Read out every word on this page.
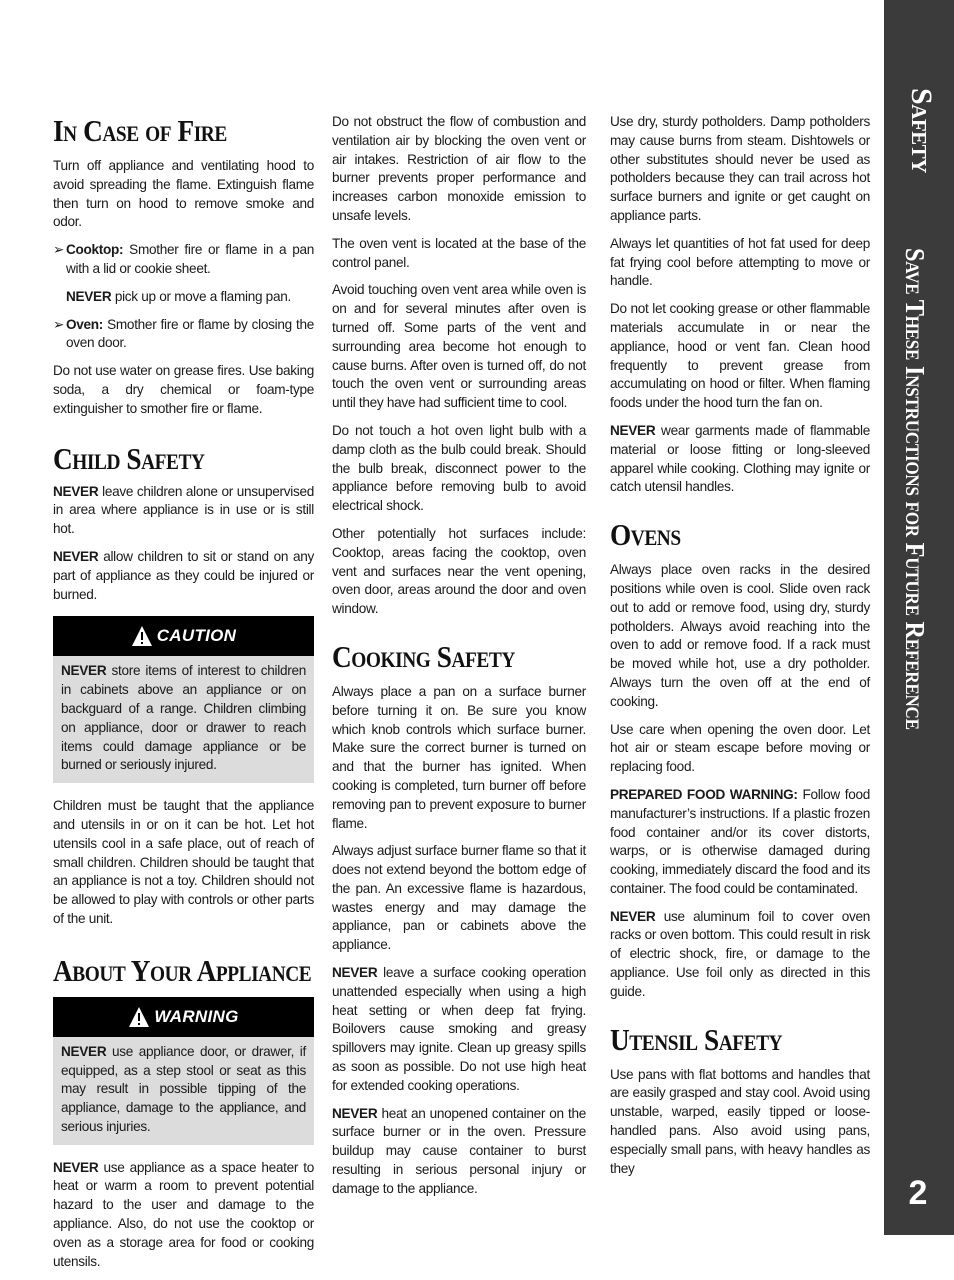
In Case of Fire

Turn off appliance and ventilating hood to avoid spreading the flame. Extinguish flame then turn on hood to remove smoke and odor.

➢ Cooktop: Smother fire or flame in a pan with a lid or cookie sheet.

NEVER pick up or move a flaming pan.

➢ Oven: Smother fire or flame by closing the oven door.

Do not use water on grease fires. Use baking soda, a dry chemical or foam-type extinguisher to smother fire or flame.

Child Safety

NEVER leave children alone or unsupervised in area where appliance is in use or is still hot.

NEVER allow children to sit or stand on any part of appliance as they could be injured or burned.

CAUTION

NEVER store items of interest to children in cabinets above an appliance or on backguard of a range. Children climbing on appliance, door or drawer to reach items could damage appliance or be burned or seriously injured.

Children must be taught that the appliance and utensils in or on it can be hot. Let hot utensils cool in a safe place, out of reach of small children. Children should be taught that an appliance is not a toy. Children should not be allowed to play with controls or other parts of the unit.

About Your Appliance
WARNING

NEVER use appliance door, or drawer, if equipped, as a step stool or seat as this may result in possible tipping of the appliance, damage to the appliance, and serious injuries.

NEVER use appliance as a space heater to heat or warm a room to prevent potential hazard to the user and damage to the appliance. Also, do not use the cooktop or oven as a storage area for food or cooking utensils.

Do not obstruct the flow of combustion and ventilation air by blocking the oven vent or air intakes. Restriction of air flow to the burner prevents proper performance and increases carbon monoxide emission to unsafe levels.

The oven vent is located at the base of the control panel.

Avoid touching oven vent area while oven is on and for several minutes after oven is turned off. Some parts of the vent and surrounding area become hot enough to cause burns. After oven is turned off, do not touch the oven vent or surrounding areas until they have had sufficient time to cool.

Do not touch a hot oven light bulb with a damp cloth as the bulb could break. Should the bulb break, disconnect power to the appliance before removing bulb to avoid electrical shock.

Other potentially hot surfaces include: Cooktop, areas facing the cooktop, oven vent and surfaces near the vent opening, oven door, areas around the door and oven window.

Cooking Safety

Always place a pan on a surface burner before turning it on. Be sure you know which knob controls which surface burner. Make sure the correct burner is turned on and that the burner has ignited. When cooking is completed, turn burner off before removing pan to prevent exposure to burner flame.

Always adjust surface burner flame so that it does not extend beyond the bottom edge of the pan. An excessive flame is hazardous, wastes energy and may damage the appliance, pan or cabinets above the appliance.

NEVER leave a surface cooking operation unattended especially when using a high heat setting or when deep fat frying. Boilovers cause smoking and greasy spillovers may ignite. Clean up greasy spills as soon as possible. Do not use high heat for extended cooking operations.

NEVER heat an unopened container on the surface burner or in the oven. Pressure buildup may cause container to burst resulting in serious personal injury or damage to the appliance.

Use dry, sturdy potholders. Damp potholders may cause burns from steam. Dishtowels or other substitutes should never be used as potholders because they can trail across hot surface burners and ignite or get caught on appliance parts.

Always let quantities of hot fat used for deep fat frying cool before attempting to move or handle.

Do not let cooking grease or other flammable materials accumulate in or near the appliance, hood or vent fan. Clean hood frequently to prevent grease from accumulating on hood or filter. When flaming foods under the hood turn the fan on.

NEVER wear garments made of flammable material or loose fitting or long-sleeved apparel while cooking. Clothing may ignite or catch utensil handles.

Ovens

Always place oven racks in the desired positions while oven is cool. Slide oven rack out to add or remove food, using dry, sturdy potholders. Always avoid reaching into the oven to add or remove food. If a rack must be moved while hot, use a dry potholder. Always turn the oven off at the end of cooking.

Use care when opening the oven door. Let hot air or steam escape before moving or replacing food.

PREPARED FOOD WARNING: Follow food manufacturer’s instructions. If a plastic frozen food container and/or its cover distorts, warps, or is otherwise damaged during cooking, immediately discard the food and its container. The food could be contaminated.

NEVER use aluminum foil to cover oven racks or oven bottom. This could result in risk of electric shock, fire, or damage to the appliance. Use foil only as directed in this guide.

Utensil Safety

Use pans with flat bottoms and handles that are easily grasped and stay cool. Avoid using unstable, warped, easily tipped or loose-handled pans. Also avoid using pans, especially small pans, with heavy handles as they

Safety
Save These Instructions for Future Reference
2
